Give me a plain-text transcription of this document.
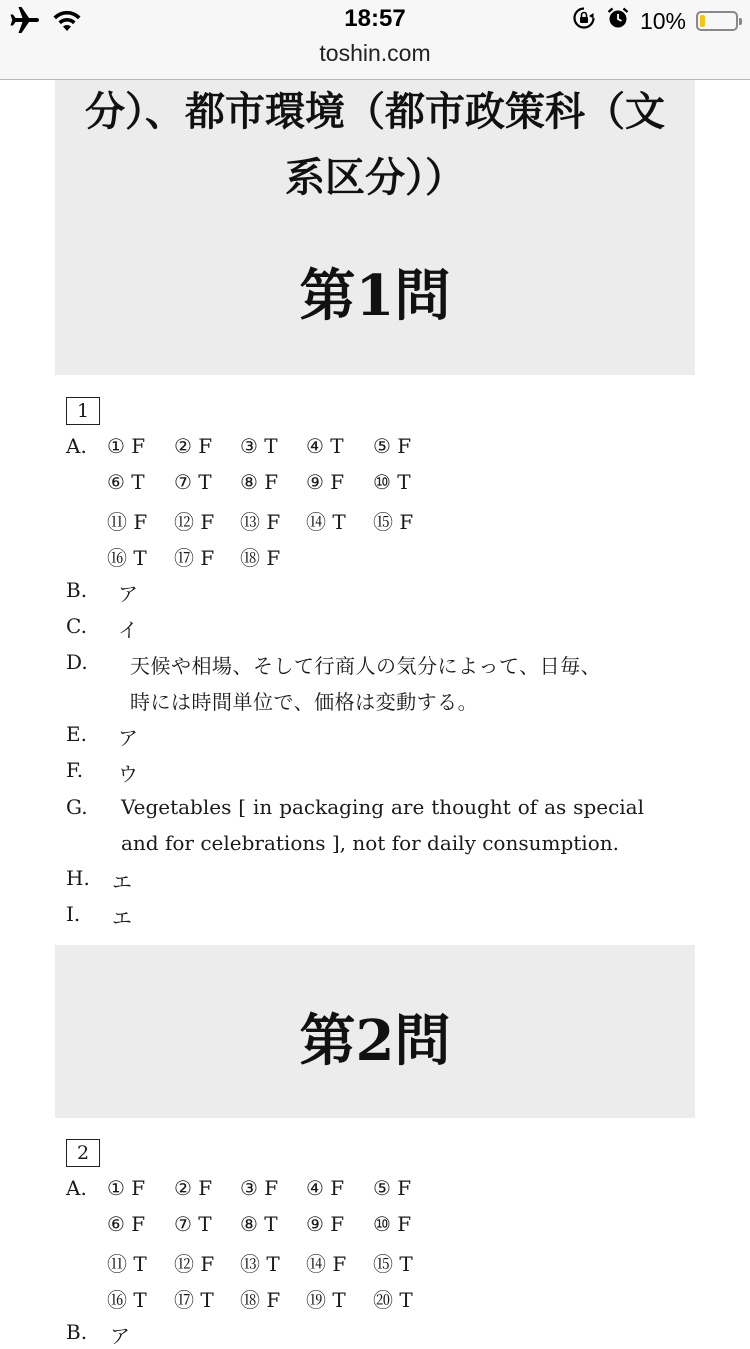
18:57
toshin.com
10%
分）、都市環境（都市政策科（文
系区分））
第1問
1
A. ① F ② F ③ T ④ T ⑤ F
⑥ T ⑦ T ⑧ F ⑨ F ⑩ T
⑪ F ⑫ F ⑬ F ⑭ T ⑮ F
⑯ T ⑰ F ⑱ F
B. ア
C. イ
D. 天候や相場、そして行商人の気分によって、日毎、
時には時間単位で、価格は変動する。
E. ア
F. ウ
G. Vegetables [ in packaging are thought of as special
and for celebrations ], not for daily consumption.
H. エ
I. エ
第2問
2
A. ① F ② F ③ F ④ F ⑤ F
⑥ F ⑦ T ⑧ T ⑨ F ⑩ F
⑪ T ⑫ F ⑬ T ⑭ F ⑮ T
⑯ T ⑰ T ⑱ F ⑲ T ⑳ T
B. ア
